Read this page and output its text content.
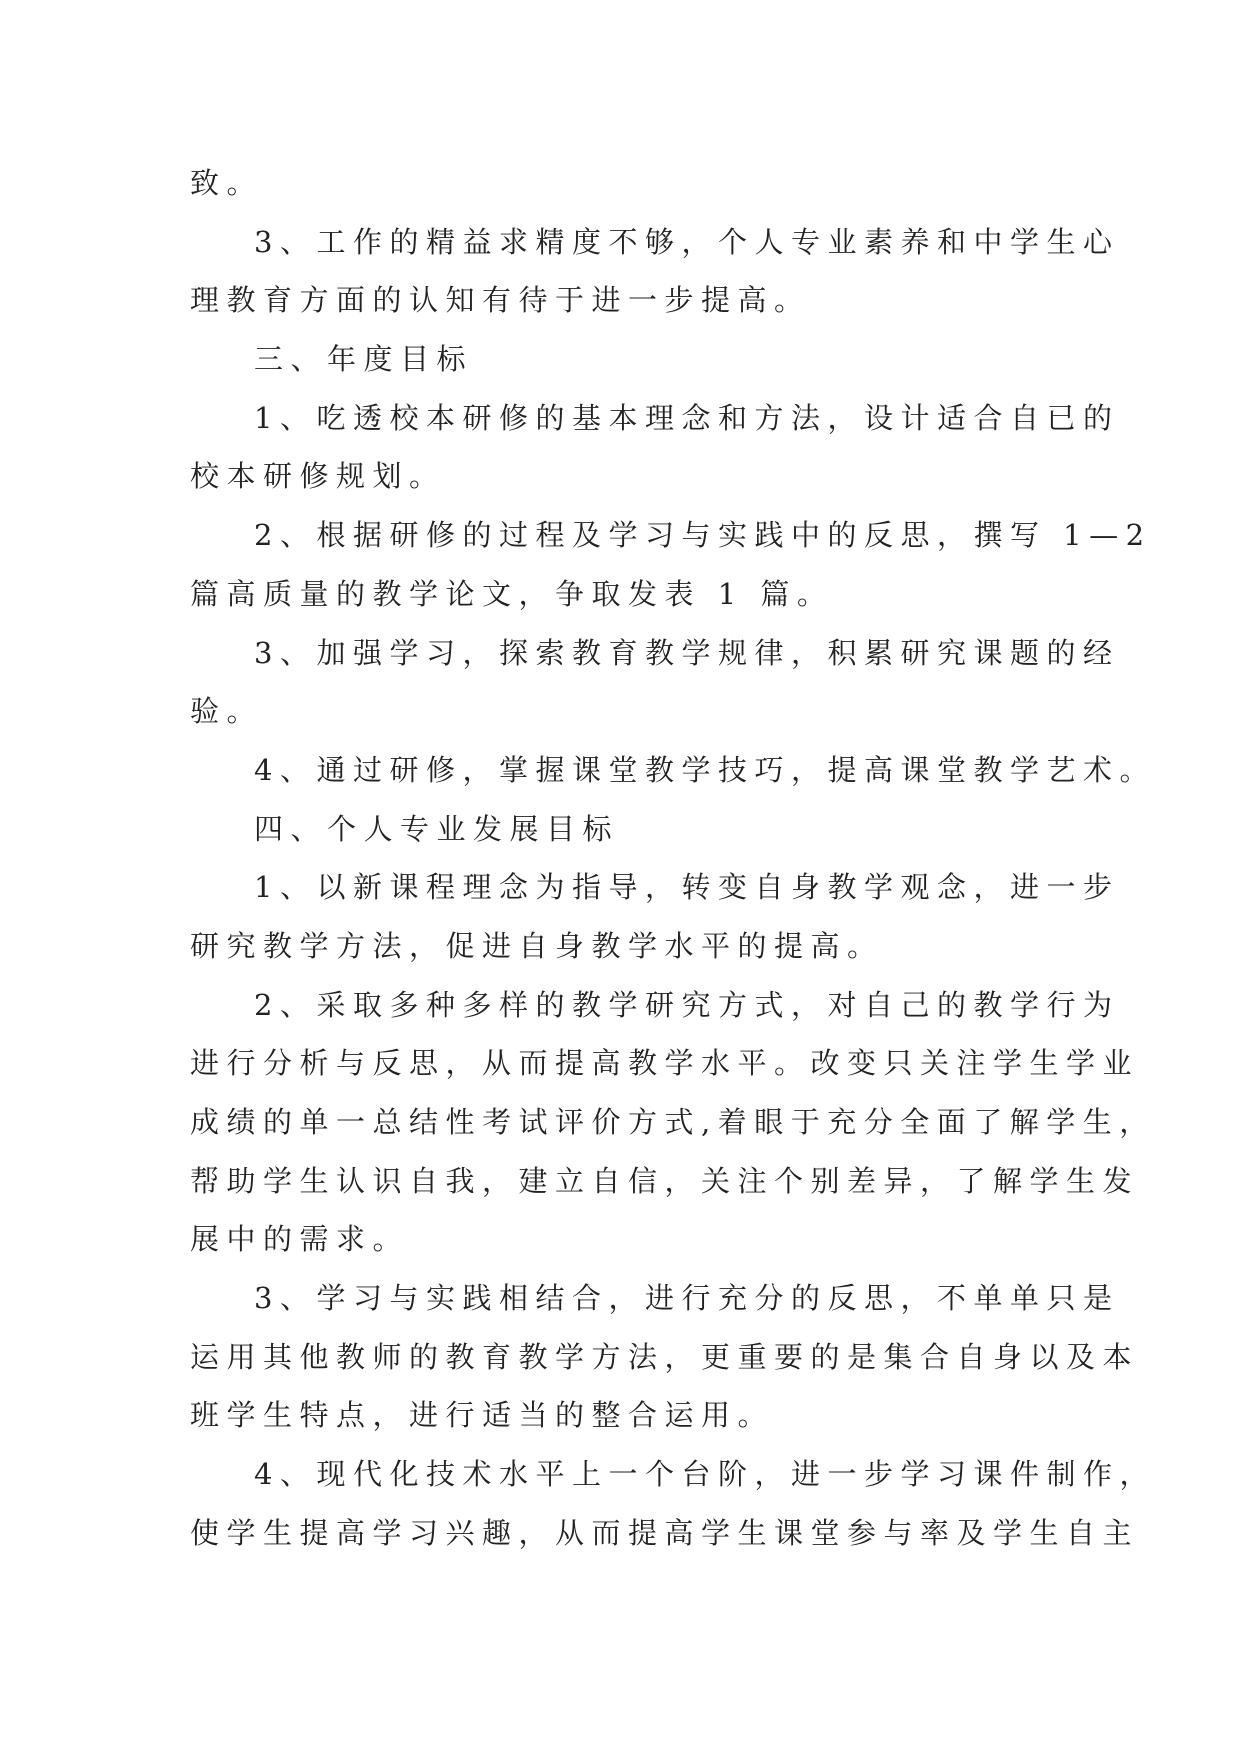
致。
3、工作的精益求精度不够，个人专业素养和中学生心
理教育方面的认知有待于进一步提高。
三、年度目标
1、吃透校本研修的基本理念和方法，设计适合自已的
校本研修规划。
2、根据研修的过程及学习与实践中的反思，撰写 1—2
篇高质量的教学论文，争取发表 1 篇。
3、加强学习，探索教育教学规律，积累研究课题的经
验。
4、通过研修，掌握课堂教学技巧，提高课堂教学艺术。
四、个人专业发展目标
1、以新课程理念为指导，转变自身教学观念，进一步
研究教学方法，促进自身教学水平的提高。
2、采取多种多样的教学研究方式，对自己的教学行为
进行分析与反思，从而提高教学水平。改变只关注学生学业
成绩的单一总结性考试评价方式,着眼于充分全面了解学生，
帮助学生认识自我，建立自信，关注个别差异，了解学生发
展中的需求。
3、学习与实践相结合，进行充分的反思，不单单只是
运用其他教师的教育教学方法，更重要的是集合自身以及本
班学生特点，进行适当的整合运用。
4、现代化技术水平上一个台阶，进一步学习课件制作，
使学生提高学习兴趣，从而提高学生课堂参与率及学生自主
